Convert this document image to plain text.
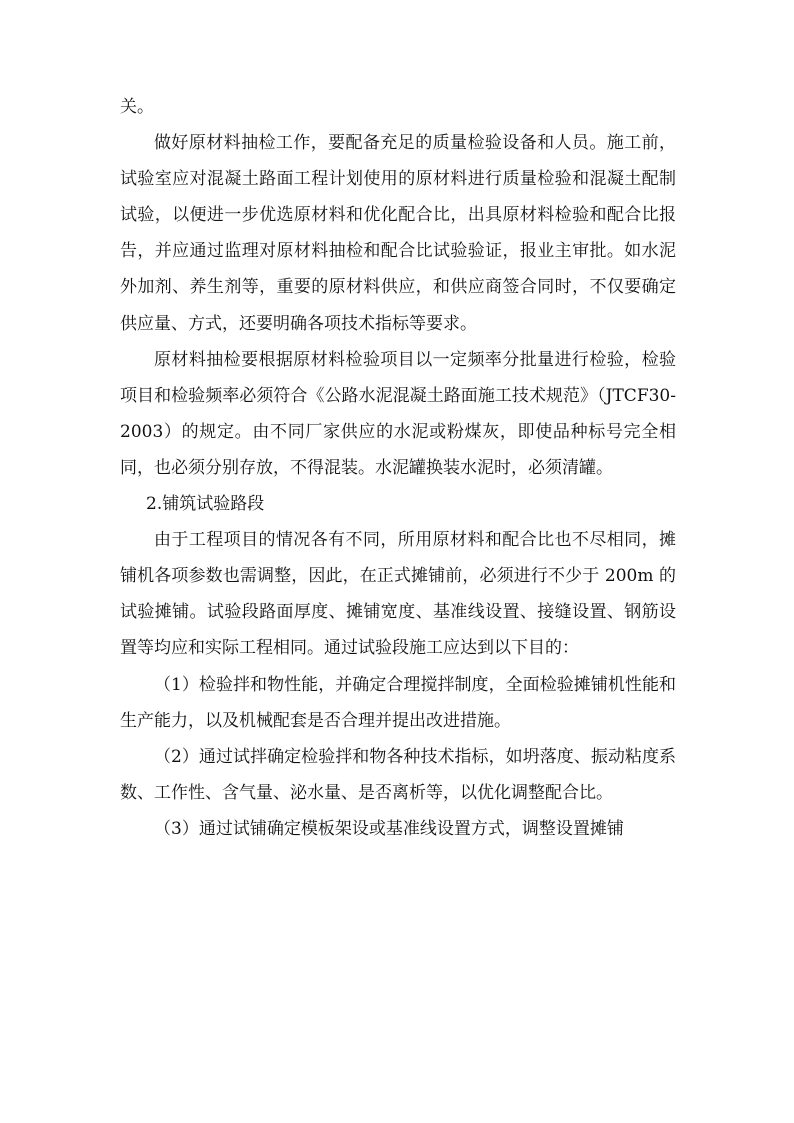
关。

做好原材料抽检工作，要配备充足的质量检验设备和人员。施工前，试验室应对混凝土路面工程计划使用的原材料进行质量检验和混凝土配制试验，以便进一步优选原材料和优化配合比，出具原材料检验和配合比报告，并应通过监理对原材料抽检和配合比试验验证，报业主审批。如水泥外加剂、养生剂等，重要的原材料供应，和供应商签合同时，不仅要确定供应量、方式，还要明确各项技术指标等要求。

原材料抽检要根据原材料检验项目以一定频率分批量进行检验，检验项目和检验频率必须符合《公路水泥混凝土路面施工技术规范》（JTCF30-2003）的规定。由不同厂家供应的水泥或粉煤灰，即使品种标号完全相同，也必须分别存放，不得混装。水泥罐换装水泥时，必须清罐。

2.铺筑试验路段

由于工程项目的情况各有不同，所用原材料和配合比也不尽相同，摊铺机各项参数也需调整，因此，在正式摊铺前，必须进行不少于 200m 的试验摊铺。试验段路面厚度、摊铺宽度、基准线设置、接缝设置、钢筋设置等均应和实际工程相同。通过试验段施工应达到以下目的：

（1）检验拌和物性能，并确定合理搅拌制度，全面检验摊铺机性能和生产能力，以及机械配套是否合理并提出改进措施。

（2）通过试拌确定检验拌和物各种技术指标，如坍落度、振动粘度系数、工作性、含气量、泌水量、是否离析等，以优化调整配合比。

（3）通过试铺确定模板架设或基准线设置方式，调整设置摊铺
